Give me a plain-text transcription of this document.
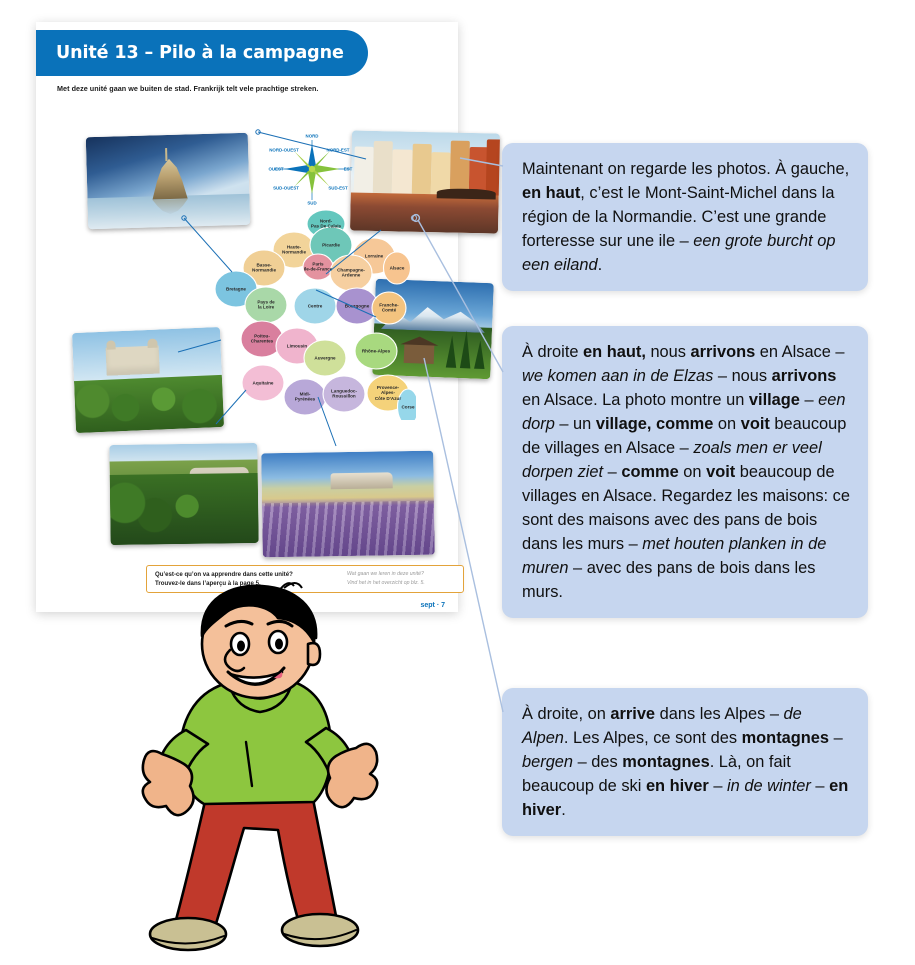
Unité 13 – Pilo à la campagne
Met deze unité gaan we buiten de stad. Frankrijk telt vele prachtige streken.
Nord-
Pas De Calais
Haute-
Normandie
Picardie
Basse-
Normandie
Paris
Ile-de-France
Lorraine
Alsace
Champagne-
Ardenne
Bretagne
Pays de
la Loire	Centre	Bourgogne Franche-
Comté
Poitou-
Charentes
Limousin
Auvergne
Rhône-Alpes
Aquitaine
Midi-
Pyrénées
Languedoc-
Roussillon
Provence-Alpes-
Côte D’Azur
Corse
NORD
NORD-OUEST	NORD-EST
OUEST	EST
SUD-OUEST	SUD-EST
SUD
Qu’est-ce qu’on va apprendre dans cette unité?
Trouvez-le dans l’aperçu à la page 5.
Wat gaan we leren in deze unité?
Vind het in het overzicht op blz. 5.
sept · 7
Maintenant on regarde les photos. À gauche, en haut, c’est le Mont-Saint-Michel dans la région de la Normandie. C’est une grande forteresse sur une ile – een grote burcht op een eiland.
À droite en haut, nous arrivons en Alsace – we komen aan in de Elzas – nous arrivons en Alsace. La photo montre un village – een dorp – un village, comme on voit beaucoup de villages en Alsace – zoals men er veel dorpen ziet – comme on voit beaucoup de villages en Alsace. Regardez les maisons: ce sont des maisons avec des pans de bois dans les murs – met houten planken in de muren – avec des pans de bois dans les murs.
À droite, on arrive dans les Alpes – de Alpen. Les Alpes, ce sont des montagnes – bergen – des montagnes. Là, on fait beaucoup de ski en hiver – in de winter – en hiver.
